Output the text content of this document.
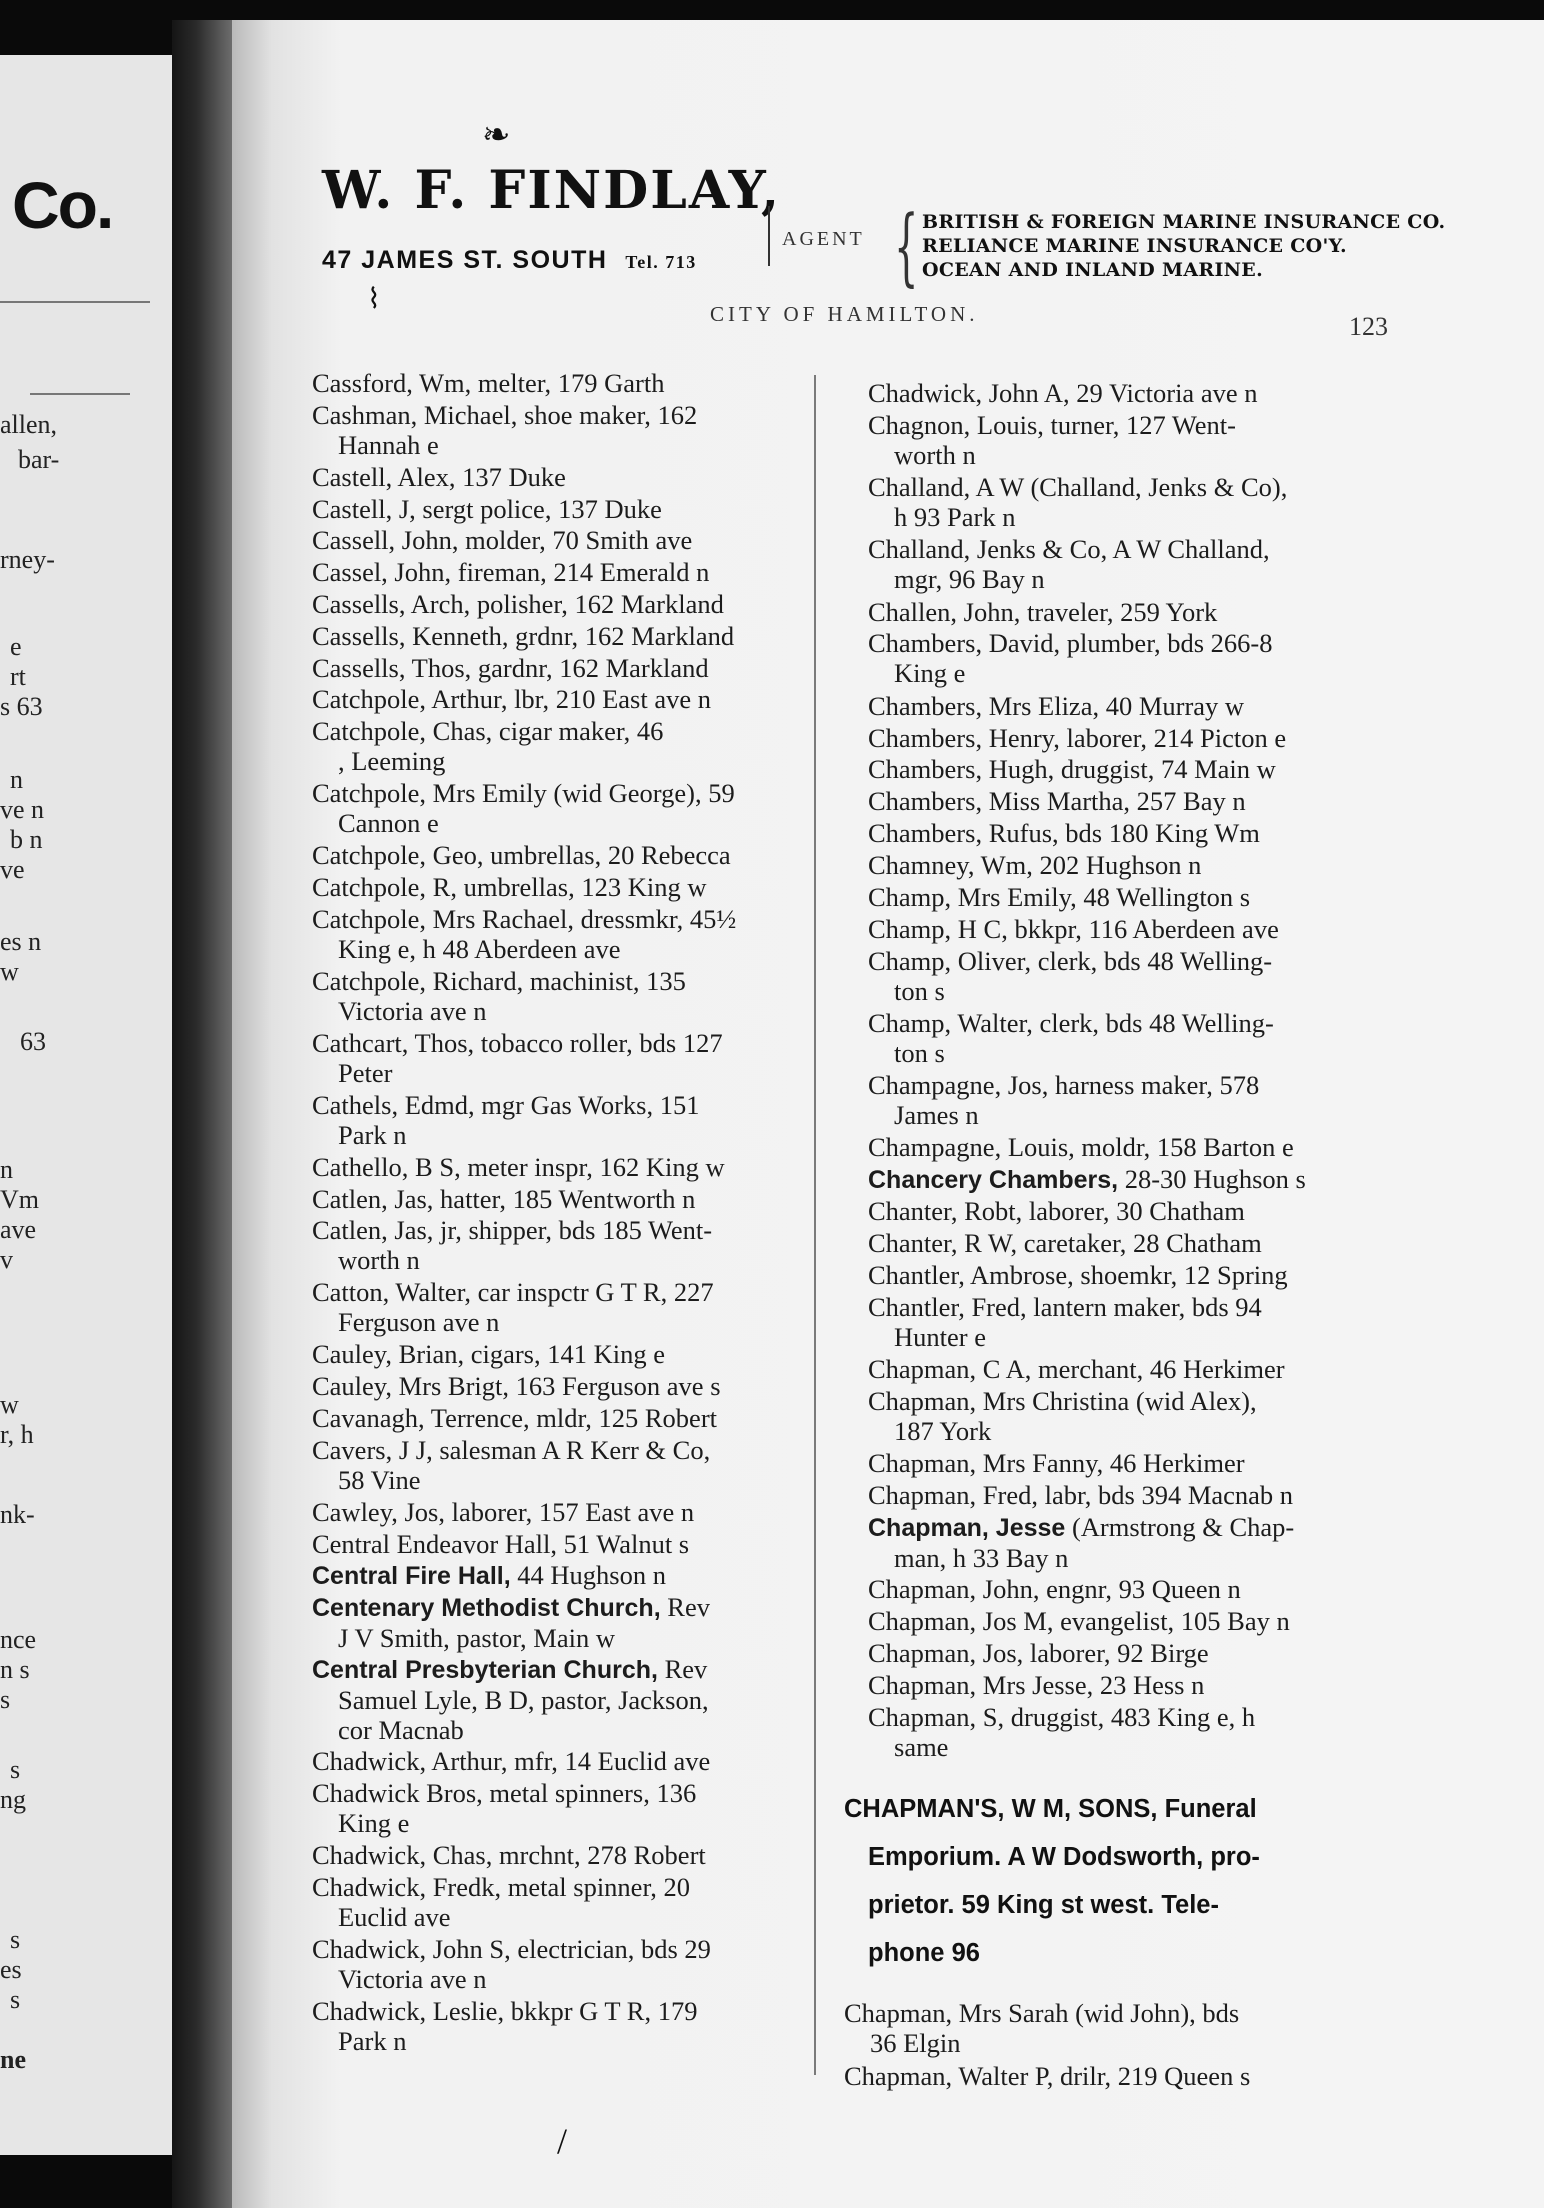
Co.
allen,
bar-
rney-
e
rt
s 63
n
ve n
b n
ve
es n
w
63
n
Vm
ave
v
w
r, h
nk-
nce
n s
s
s
ng
s
es
s
ne
❧
⌇
W. F. FINDLAY,
47 JAMES ST. SOUTH Tel. 713
AGENT { BRITISH & FOREIGN MARINE INSURANCE CO.
RELIANCE MARINE INSURANCE CO'Y.
OCEAN AND INLAND MARINE.
CITY OF HAMILTON.	123
Cassford, Wm, melter, 179 Garth
Cashman, Michael, shoe maker, 162
Hannah e
Castell, Alex, 137 Duke
Castell, J, sergt police, 137 Duke
Cassell, John, molder, 70 Smith ave
Cassel, John, fireman, 214 Emerald n
Cassells, Arch, polisher, 162 Markland
Cassells, Kenneth, grdnr, 162 Markland
Cassells, Thos, gardnr, 162 Markland
Catchpole, Arthur, lbr, 210 East ave n
Catchpole, Chas, cigar maker, 46
, Leeming
Catchpole, Mrs Emily (wid George), 59
Cannon e
Catchpole, Geo, umbrellas, 20 Rebecca
Catchpole, R, umbrellas, 123 King w
Catchpole, Mrs Rachael, dressmkr, 45½
King e, h 48 Aberdeen ave
Catchpole, Richard, machinist, 135
Victoria ave n
Cathcart, Thos, tobacco roller, bds 127
Peter
Cathels, Edmd, mgr Gas Works, 151
Park n
Cathello, B S, meter inspr, 162 King w
Catlen, Jas, hatter, 185 Wentworth n
Catlen, Jas, jr, shipper, bds 185 Went-
worth n
Catton, Walter, car inspctr G T R, 227
Ferguson ave n
Cauley, Brian, cigars, 141 King e
Cauley, Mrs Brigt, 163 Ferguson ave s
Cavanagh, Terrence, mldr, 125 Robert
Cavers, J J, salesman A R Kerr & Co,
58 Vine
Cawley, Jos, laborer, 157 East ave n
Central Endeavor Hall, 51 Walnut s
Central Fire Hall, 44 Hughson n
Centenary Methodist Church, Rev
J V Smith, pastor, Main w
Central Presbyterian Church, Rev
Samuel Lyle, B D, pastor, Jackson,
cor Macnab
Chadwick, Arthur, mfr, 14 Euclid ave
Chadwick Bros, metal spinners, 136
King e
Chadwick, Chas, mrchnt, 278 Robert
Chadwick, Fredk, metal spinner, 20
Euclid ave
Chadwick, John S, electrician, bds 29
Victoria ave n
Chadwick, Leslie, bkkpr G T R, 179
Park n
Chadwick, John A, 29 Victoria ave n
Chagnon, Louis, turner, 127 Went-
worth n
Challand, A W (Challand, Jenks & Co),
h 93 Park n
Challand, Jenks & Co, A W Challand,
mgr, 96 Bay n
Challen, John, traveler, 259 York
Chambers, David, plumber, bds 266-8
King e
Chambers, Mrs Eliza, 40 Murray w
Chambers, Henry, laborer, 214 Picton e
Chambers, Hugh, druggist, 74 Main w
Chambers, Miss Martha, 257 Bay n
Chambers, Rufus, bds 180 King Wm
Chamney, Wm, 202 Hughson n
Champ, Mrs Emily, 48 Wellington s
Champ, H C, bkkpr, 116 Aberdeen ave
Champ, Oliver, clerk, bds 48 Welling-
ton s
Champ, Walter, clerk, bds 48 Welling-
ton s
Champagne, Jos, harness maker, 578
James n
Champagne, Louis, moldr, 158 Barton e
Chancery Chambers, 28-30 Hughson s
Chanter, Robt, laborer, 30 Chatham
Chanter, R W, caretaker, 28 Chatham
Chantler, Ambrose, shoemkr, 12 Spring
Chantler, Fred, lantern maker, bds 94
Hunter e
Chapman, C A, merchant, 46 Herkimer
Chapman, Mrs Christina (wid Alex),
187 York
Chapman, Mrs Fanny, 46 Herkimer
Chapman, Fred, labr, bds 394 Macnab n
Chapman, Jesse (Armstrong & Chap-
man, h 33 Bay n
Chapman, John, engnr, 93 Queen n
Chapman, Jos M, evangelist, 105 Bay n
Chapman, Jos, laborer, 92 Birge
Chapman, Mrs Jesse, 23 Hess n
Chapman, S, druggist, 483 King e, h
same
CHAPMAN'S, W M, SONS, Funeral
Emporium. A W Dodsworth, pro-
prietor. 59 King st west. Tele-
phone 96
Chapman, Mrs Sarah (wid John), bds
36 Elgin
Chapman, Walter P, drilr, 219 Queen s
/
